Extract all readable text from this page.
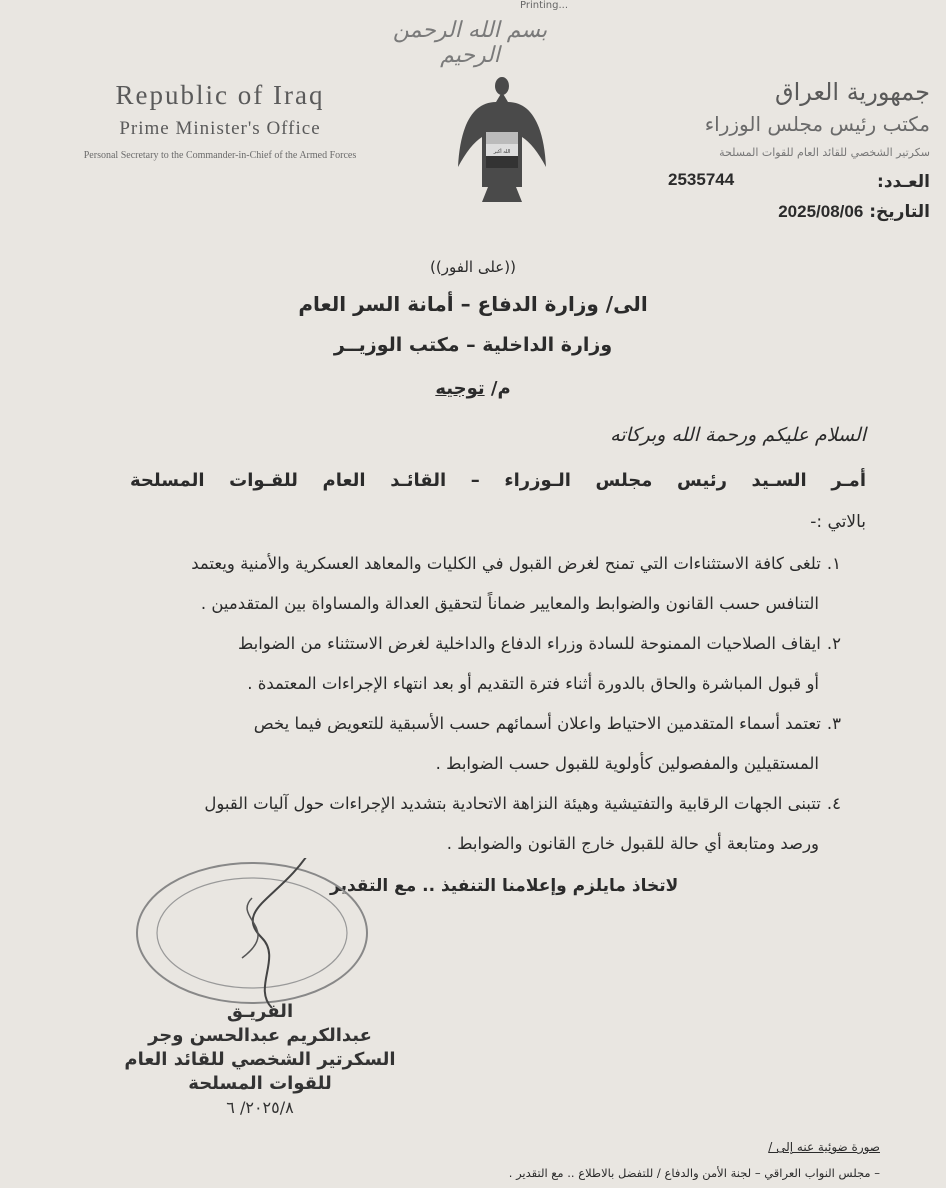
Printing...
بسم الله الرحمن الرحيم
Republic of Iraq
Prime Minister's Office
Personal Secretary to the Commander-in-Chief of the Armed Forces	الله أكبر
جمهورية العراق
مكتب رئيس مجلس الوزراء
سكرتير الشخصي للقائد العام للقوات المسلحة
العـدد:
2535744
التاريخ: 2025/08/06
((على الفور))
الى/ وزارة الدفاع – أمانة السر العام
وزارة الداخلية – مكتب الوزيــر
م/ توجيه
السلام عليكم ورحمة الله وبركاته
أمـر السـيد رئيس مجلس الـوزراء – القائـد العام للقـوات المسلحة
بالاتي :-
١.تلغى كافة الاستثناءات التي تمنح لغرض القبول في الكليات والمعاهد العسكرية والأمنية ويعتمد
التنافس حسب القانون والضوابط والمعايير ضماناً لتحقيق العدالة والمساواة بين المتقدمين .
٢.ايقاف الصلاحيات الممنوحة للسادة وزراء الدفاع والداخلية لغرض الاستثناء من الضوابط
أو قبول المباشرة والحاق بالدورة أثناء فترة التقديم أو بعد انتهاء الإجراءات المعتمدة .
٣.تعتمد أسماء المتقدمين الاحتياط واعلان أسمائهم حسب الأسبقية للتعويض فيما يخص
المستقيلين والمفصولين كأولوية للقبول حسب الضوابط .
٤.تتبنى الجهات الرقابية والتفتيشية وهيئة النزاهة الاتحادية بتشديد الإجراءات حول آليات القبول
ورصد ومتابعة أي حالة للقبول خارج القانون والضوابط .
لاتخاذ مايلزم وإعلامنا التنفيذ .. مع التقدير
الفريـق
عبدالكريم عبدالحسن وجر
السكرتير الشخصي للقائد العام
للقوات المسلحة
٢٠٢٥/٨/ ٦
صورة ضوئية عنه إلى /
– مجلس النواب العراقي – لجنة الأمن والدفاع / للتفضل بالاطلاع .. مع التقدير .
